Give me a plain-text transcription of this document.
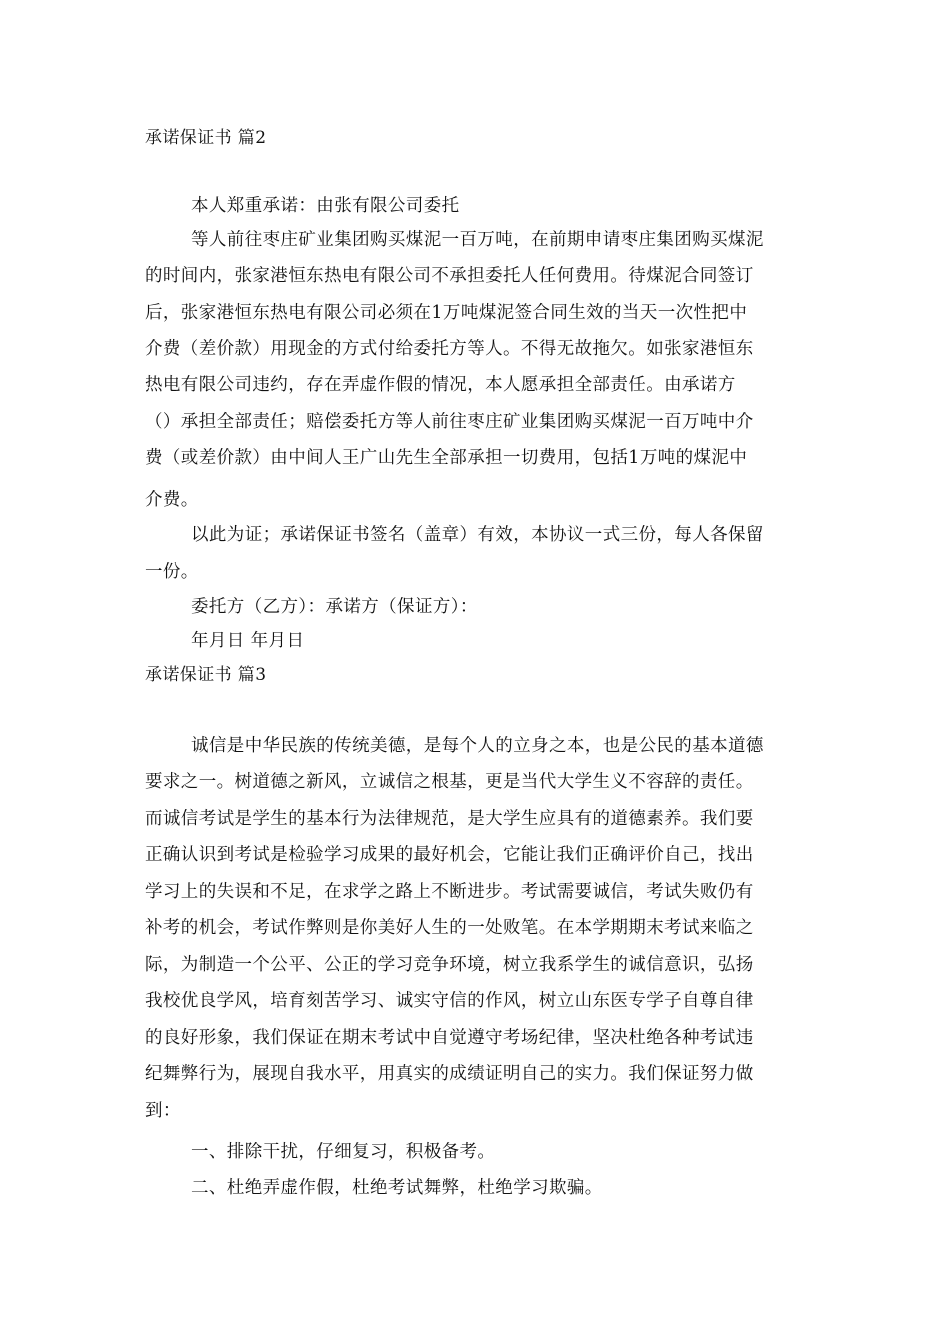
承诺保证书 篇2
本人郑重承诺：由张有限公司委托
等人前往枣庄矿业集团购买煤泥一百万吨，在前期申请枣庄集团购买煤泥
的时间内，张家港恒东热电有限公司不承担委托人任何费用。待煤泥合同签订
后，张家港恒东热电有限公司必须在1万吨煤泥签合同生效的当天一次性把中
介费（差价款）用现金的方式付给委托方等人。不得无故拖欠。如张家港恒东
热电有限公司违约，存在弄虚作假的情况，本人愿承担全部责任。由承诺方
（）承担全部责任；赔偿委托方等人前往枣庄矿业集团购买煤泥一百万吨中介
费（或差价款）由中间人王广山先生全部承担一切费用，包括1万吨的煤泥中
介费。
以此为证；承诺保证书签名（盖章）有效，本协议一式三份，每人各保留
一份。
委托方（乙方）：承诺方（保证方）：
年月日 年月日
承诺保证书 篇3
诚信是中华民族的传统美德，是每个人的立身之本，也是公民的基本道德
要求之一。树道德之新风，立诚信之根基，更是当代大学生义不容辞的责任。
而诚信考试是学生的基本行为法律规范，是大学生应具有的道德素养。我们要
正确认识到考试是检验学习成果的最好机会，它能让我们正确评价自己，找出
学习上的失误和不足，在求学之路上不断进步。考试需要诚信，考试失败仍有
补考的机会，考试作弊则是你美好人生的一处败笔。在本学期期末考试来临之
际，为制造一个公平、公正的学习竞争环境，树立我系学生的诚信意识，弘扬
我校优良学风，培育刻苦学习、诚实守信的作风，树立山东医专学子自尊自律
的良好形象，我们保证在期末考试中自觉遵守考场纪律，坚决杜绝各种考试违
纪舞弊行为，展现自我水平，用真实的成绩证明自己的实力。我们保证努力做
到：
一、排除干扰，仔细复习，积极备考。
二、杜绝弄虚作假，杜绝考试舞弊，杜绝学习欺骗。
